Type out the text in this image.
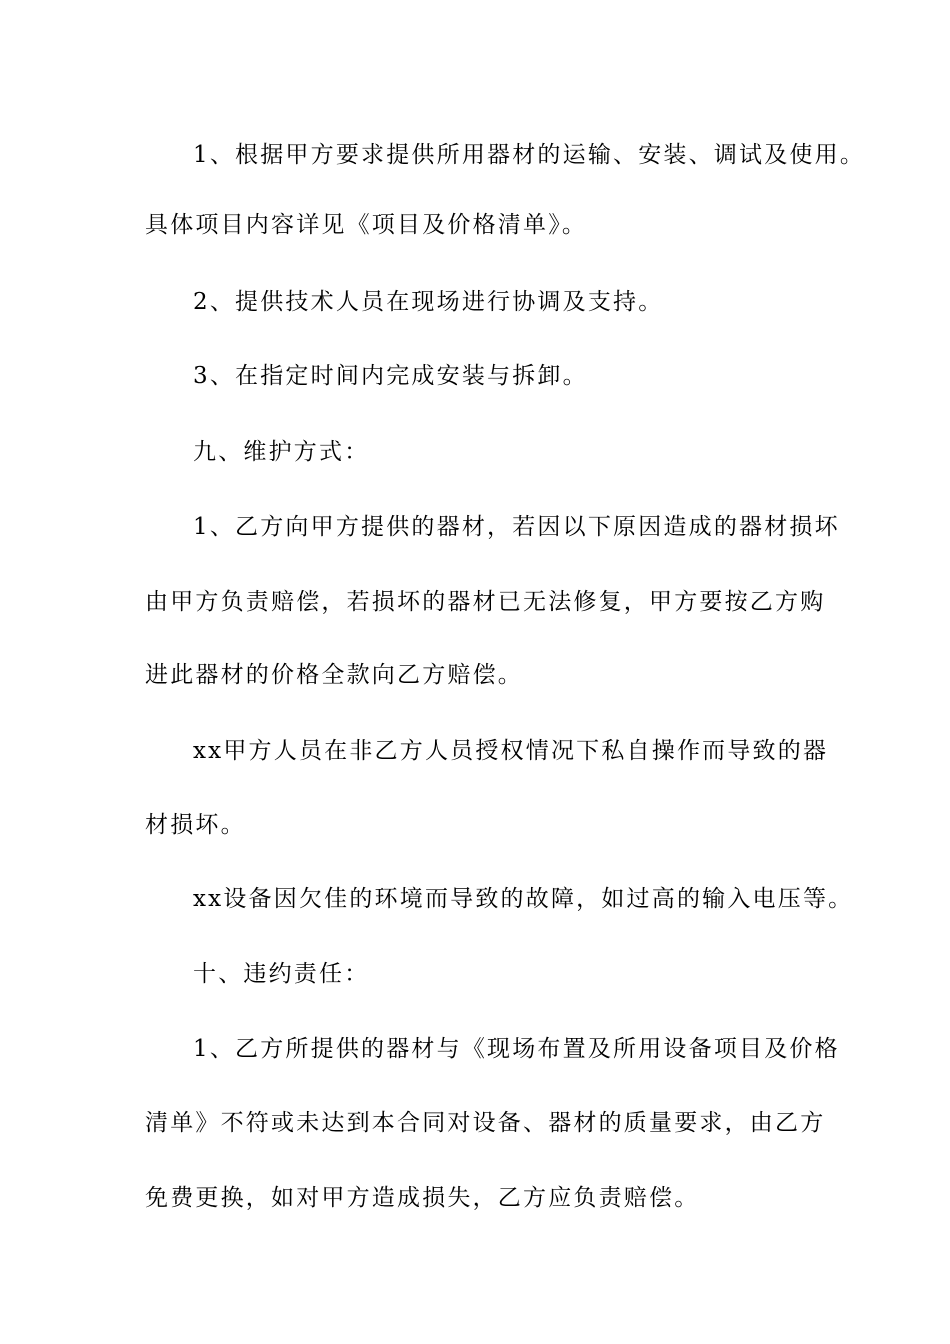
1、根据甲方要求提供所用器材的运输、安装、调试及使用。
具体项目内容详见《项目及价格清单》。
2、提供技术人员在现场进行协调及支持。
3、在指定时间内完成安装与拆卸。
九、维护方式：
1、乙方向甲方提供的器材，若因以下原因造成的器材损坏
由甲方负责赔偿，若损坏的器材已无法修复，甲方要按乙方购
进此器材的价格全款向乙方赔偿。
xx甲方人员在非乙方人员授权情况下私自操作而导致的器
材损坏。
xx设备因欠佳的环境而导致的故障，如过高的输入电压等。
十、违约责任：
1、乙方所提供的器材与《现场布置及所用设备项目及价格
清单》不符或未达到本合同对设备、器材的质量要求，由乙方
免费更换，如对甲方造成损失，乙方应负责赔偿。
